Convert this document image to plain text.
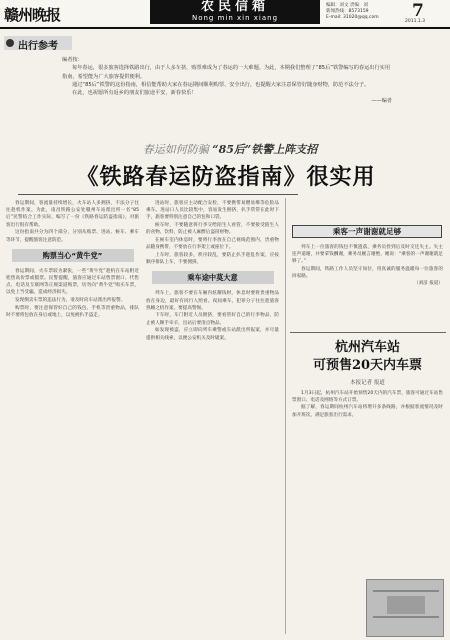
赣州晚报	农民信箱
Nong min xin xiang
编辑：刘文 责编：刘
新闻热线：8573159
E-mail: 31020@qq.com 7
2011.1.3
出行参考

编者按：

每年春运，很多旅客选择铁路出行，由于人多车挤，购票难成为了春运的一大难题。为此，本期我们整理了“85后”铁警编写的春运出行实用指南，希望能为广大旅客提供便利。

通过“85后”铁警的这份指南，相信能帮助大家在春运期间顺利购票、安全出行，也提醒大家注意保管好随身财物，防范不法分子。

在此，也祝愿所有返乡的朋友们旅途平安，新春快乐！

——编者

春运如何防骗 “85后”铁警上阵支招
《铁路春运防盗指南》很实用

春运期间，客流量持续增长，火车站人多拥挤，不法分子往往趁机作案。为此，南昌铁路公安处赣州车站派出所一名“85后”民警结合工作实际，编写了一份《铁路春运防盗指南》，对旅客出行很有帮助。

这份指南共分为四个部分，分别从购票、进站、候车、乘车等环节，提醒旅客注意防范。

购票当心“黄牛党”

春运期间，火车票较为紧张，一些“黄牛党”趁机在车站附近兜售高价票或假票。民警提醒，旅客应通过车站售票窗口、代售点、电话及互联网等正规渠道购票，切勿向“黄牛党”购买车票，以免上当受骗，造成经济损失。

发现倒卖车票的违法行为，请及时向车站派出所报警。

购票时，要注意保管好自己的钱包、手机等贵重物品，排队时不要将包放在身后或地上，以免被扒手盗走。

进站时，旅客应主动配合安检，不要携带易燃易爆等危险品乘车。进站口人员比较集中，容易发生拥挤，扒手常常在此时下手，旅客要特别注意自己的包和口袋。

候车时，不要随意将行李交给陌生人看管，不要接受陌生人的食物、饮料，防止被人麻醉后盗窃财物。

在候车室内休息时，要将行李放在自己视线范围内，贵重物品随身携带，不要放在行李架上或座位下。

上车时，旅客较多，秩序较乱，要防止扒手趁乱作案，应按顺序排队上车，不要拥挤。

乘车途中莫大意

列车上，旅客不要在车厢内炫耀钱财，休息时要将贵重物品放在身边，最好有同行人照看。夜间乘车，犯罪分子往往趁旅客熟睡之机作案，要提高警惕。

下车时，车门附近人员拥挤，要看管好自己的行李物品，防止被人顺手牵羊，出站后要清点物品。

如发现被盗，应立即向列车乘警或车站派出所报案，并尽量提供相关线索，以便公安机关及时破案。

乘客一声谢谢就足够

列车上一位旅客的钱包不慎遗落，乘务员捡到后及时交还失主。失主连声道谢，并要拿钱酬谢，乘务员婉言谢绝，她说：“乘客的一声谢谢就足够了。”

春运期间，铁路工作人员坚守岗位，用真诚的服务温暖每一位旅客的回家路。

（刘彦 报道）

杭州汽车站
可预售20天内车票
本报记者 报道

1月3日起，杭州汽车站开始预售20天内的汽车票，旅客可通过车站售票窗口、电话及网络等方式订票。

据了解，春运期间杭州汽车站将增开多条线路，并根据客流情况及时加开班次，满足旅客出行需求。
